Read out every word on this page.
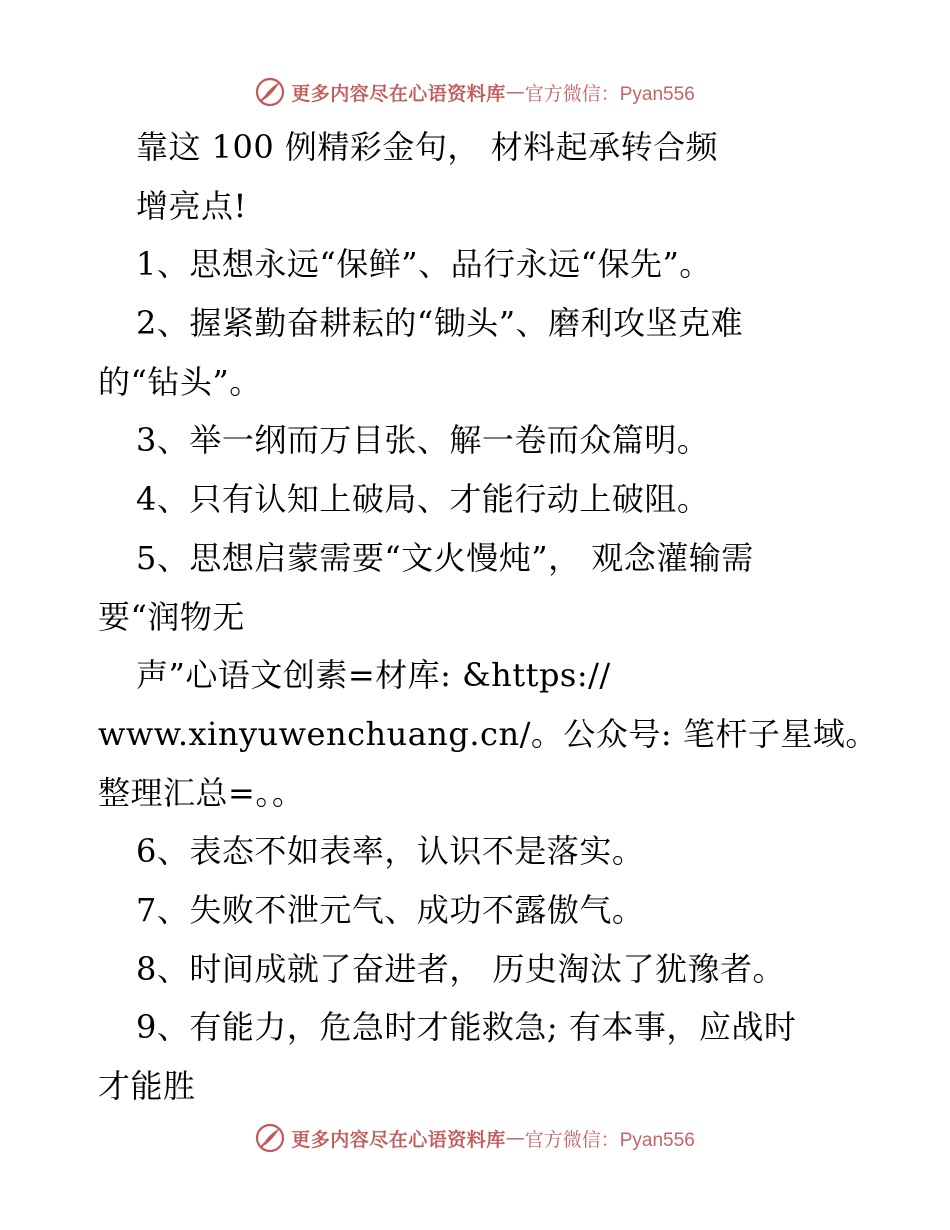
更多内容尽在心语资料库 — 官方微信：Pyan556
靠这 100 例精彩金句， 材料起承转合频
增亮点!
1、思想永远“保鲜”、品行永远“保先”。
2、握紧勤奋耕耘的“锄头”、磨利攻坚克难
的“钻头”。
3、举一纲而万目张、解一卷而众篇明。
4、只有认知上破局、才能行动上破阻。
5、思想启蒙需要“文火慢炖”， 观念灌输需
要“润物无
声”心语文创素=材库: &https://
www.xinyuwenchuang.cn/。公众号: 笔杆子星域。
整理汇总=。。
6、表态不如表率，认识不是落实。
7、失败不泄元气、成功不露傲气。
8、时间成就了奋进者， 历史淘汰了犹豫者。
9、有能力，危急时才能救急; 有本事，应战时
才能胜
更多内容尽在心语资料库 — 官方微信：Pyan556
